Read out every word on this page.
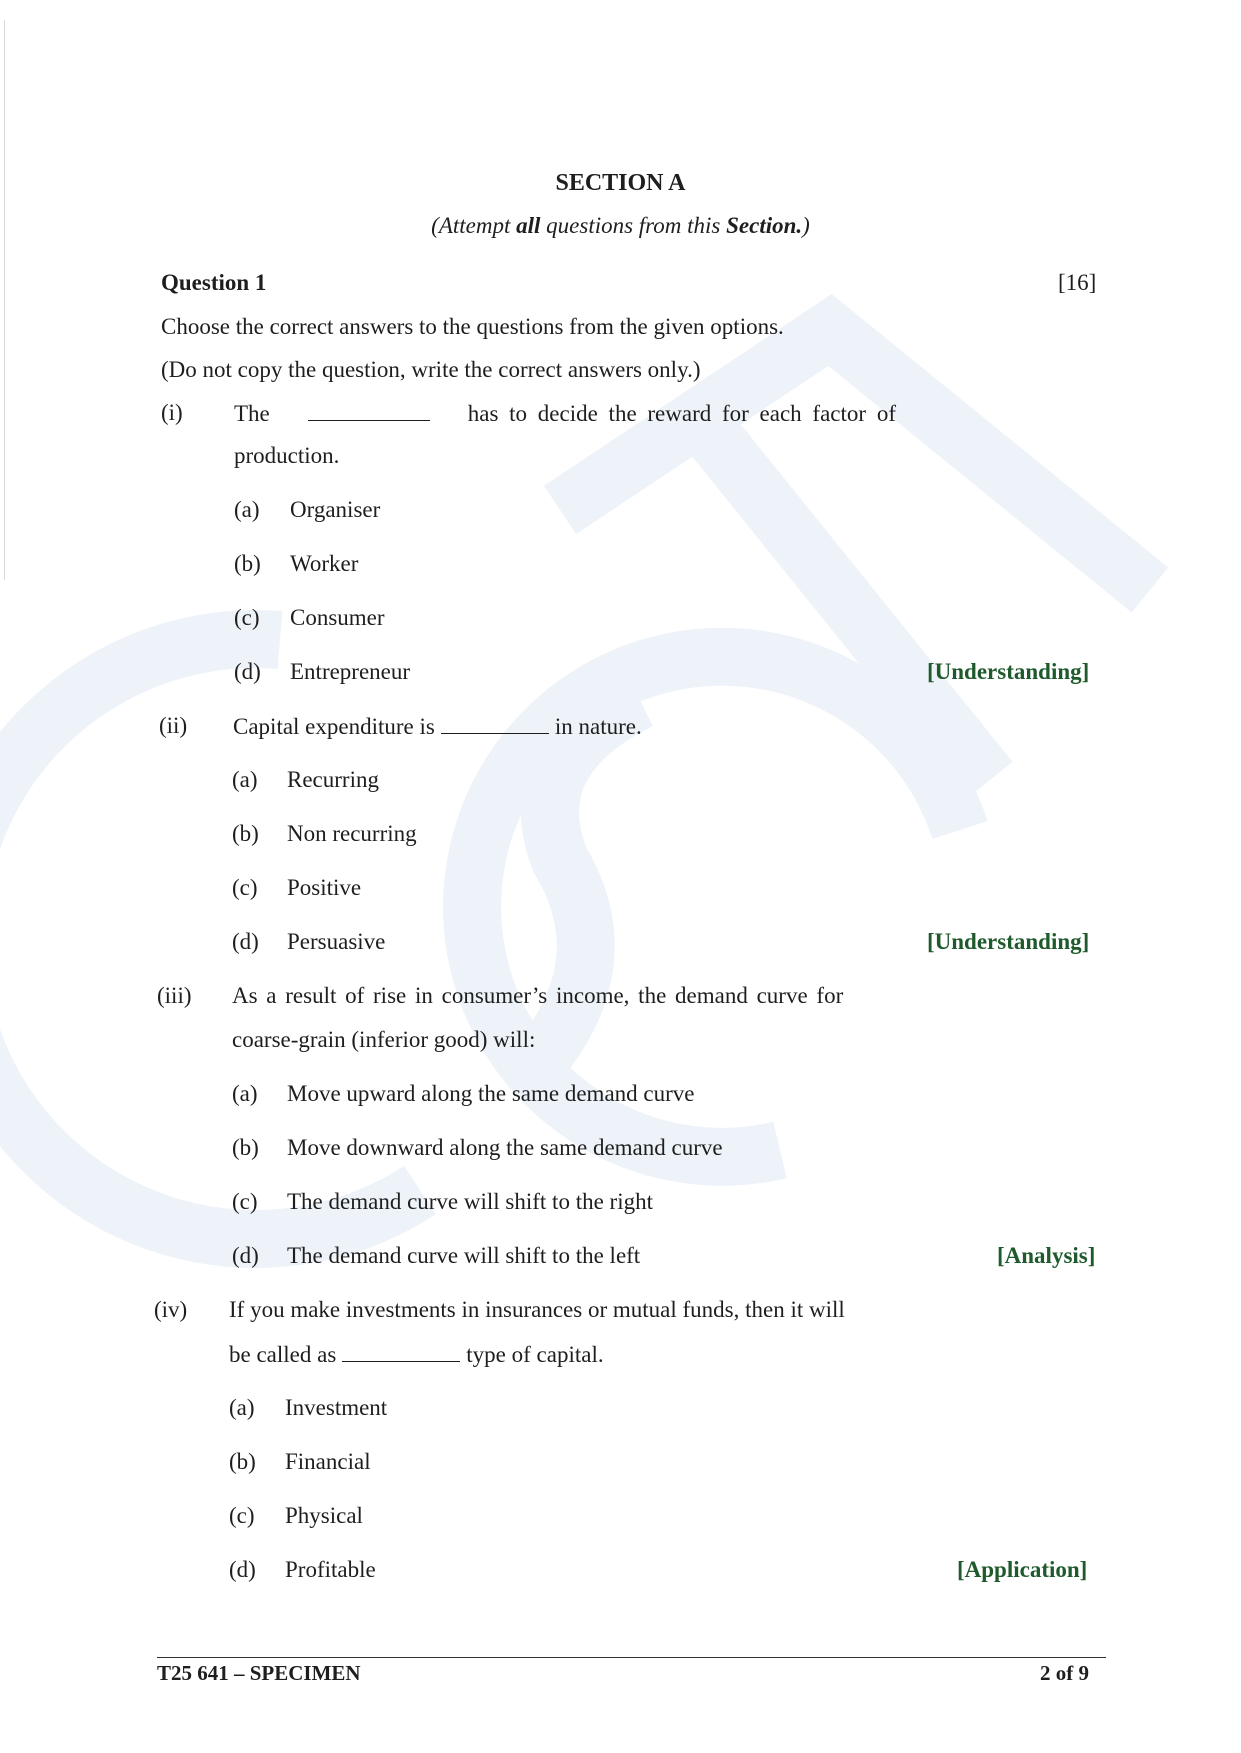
SECTION A
(Attempt all questions from this Section.)
Question 1	[16]
Choose the correct answers to the questions from the given options.
(Do not copy the question, write the correct answers only.)
(i) The	has to decide the reward for each factor of
production.
(a) Organiser
(b) Worker
(c) Consumer
(d) Entrepreneur	[Understanding]
(ii) Capital expenditure is	in nature.
(a) Recurring
(b) Non recurring
(c) Positive
(d) Persuasive	[Understanding]
(iii) As a result of rise in consumer’s income, the demand curve for
coarse-grain (inferior good) will:
(a) Move upward along the same demand curve
(b) Move downward along the same demand curve
(c) The demand curve will shift to the right
(d) The demand curve will shift to the left	[Analysis]
(iv) If you make investments in insurances or mutual funds, then it will
be called as	type of capital.
(a) Investment
(b) Financial
(c) Physical
(d) Profitable	[Application]
T25 641 – SPECIMEN	2 of 9
